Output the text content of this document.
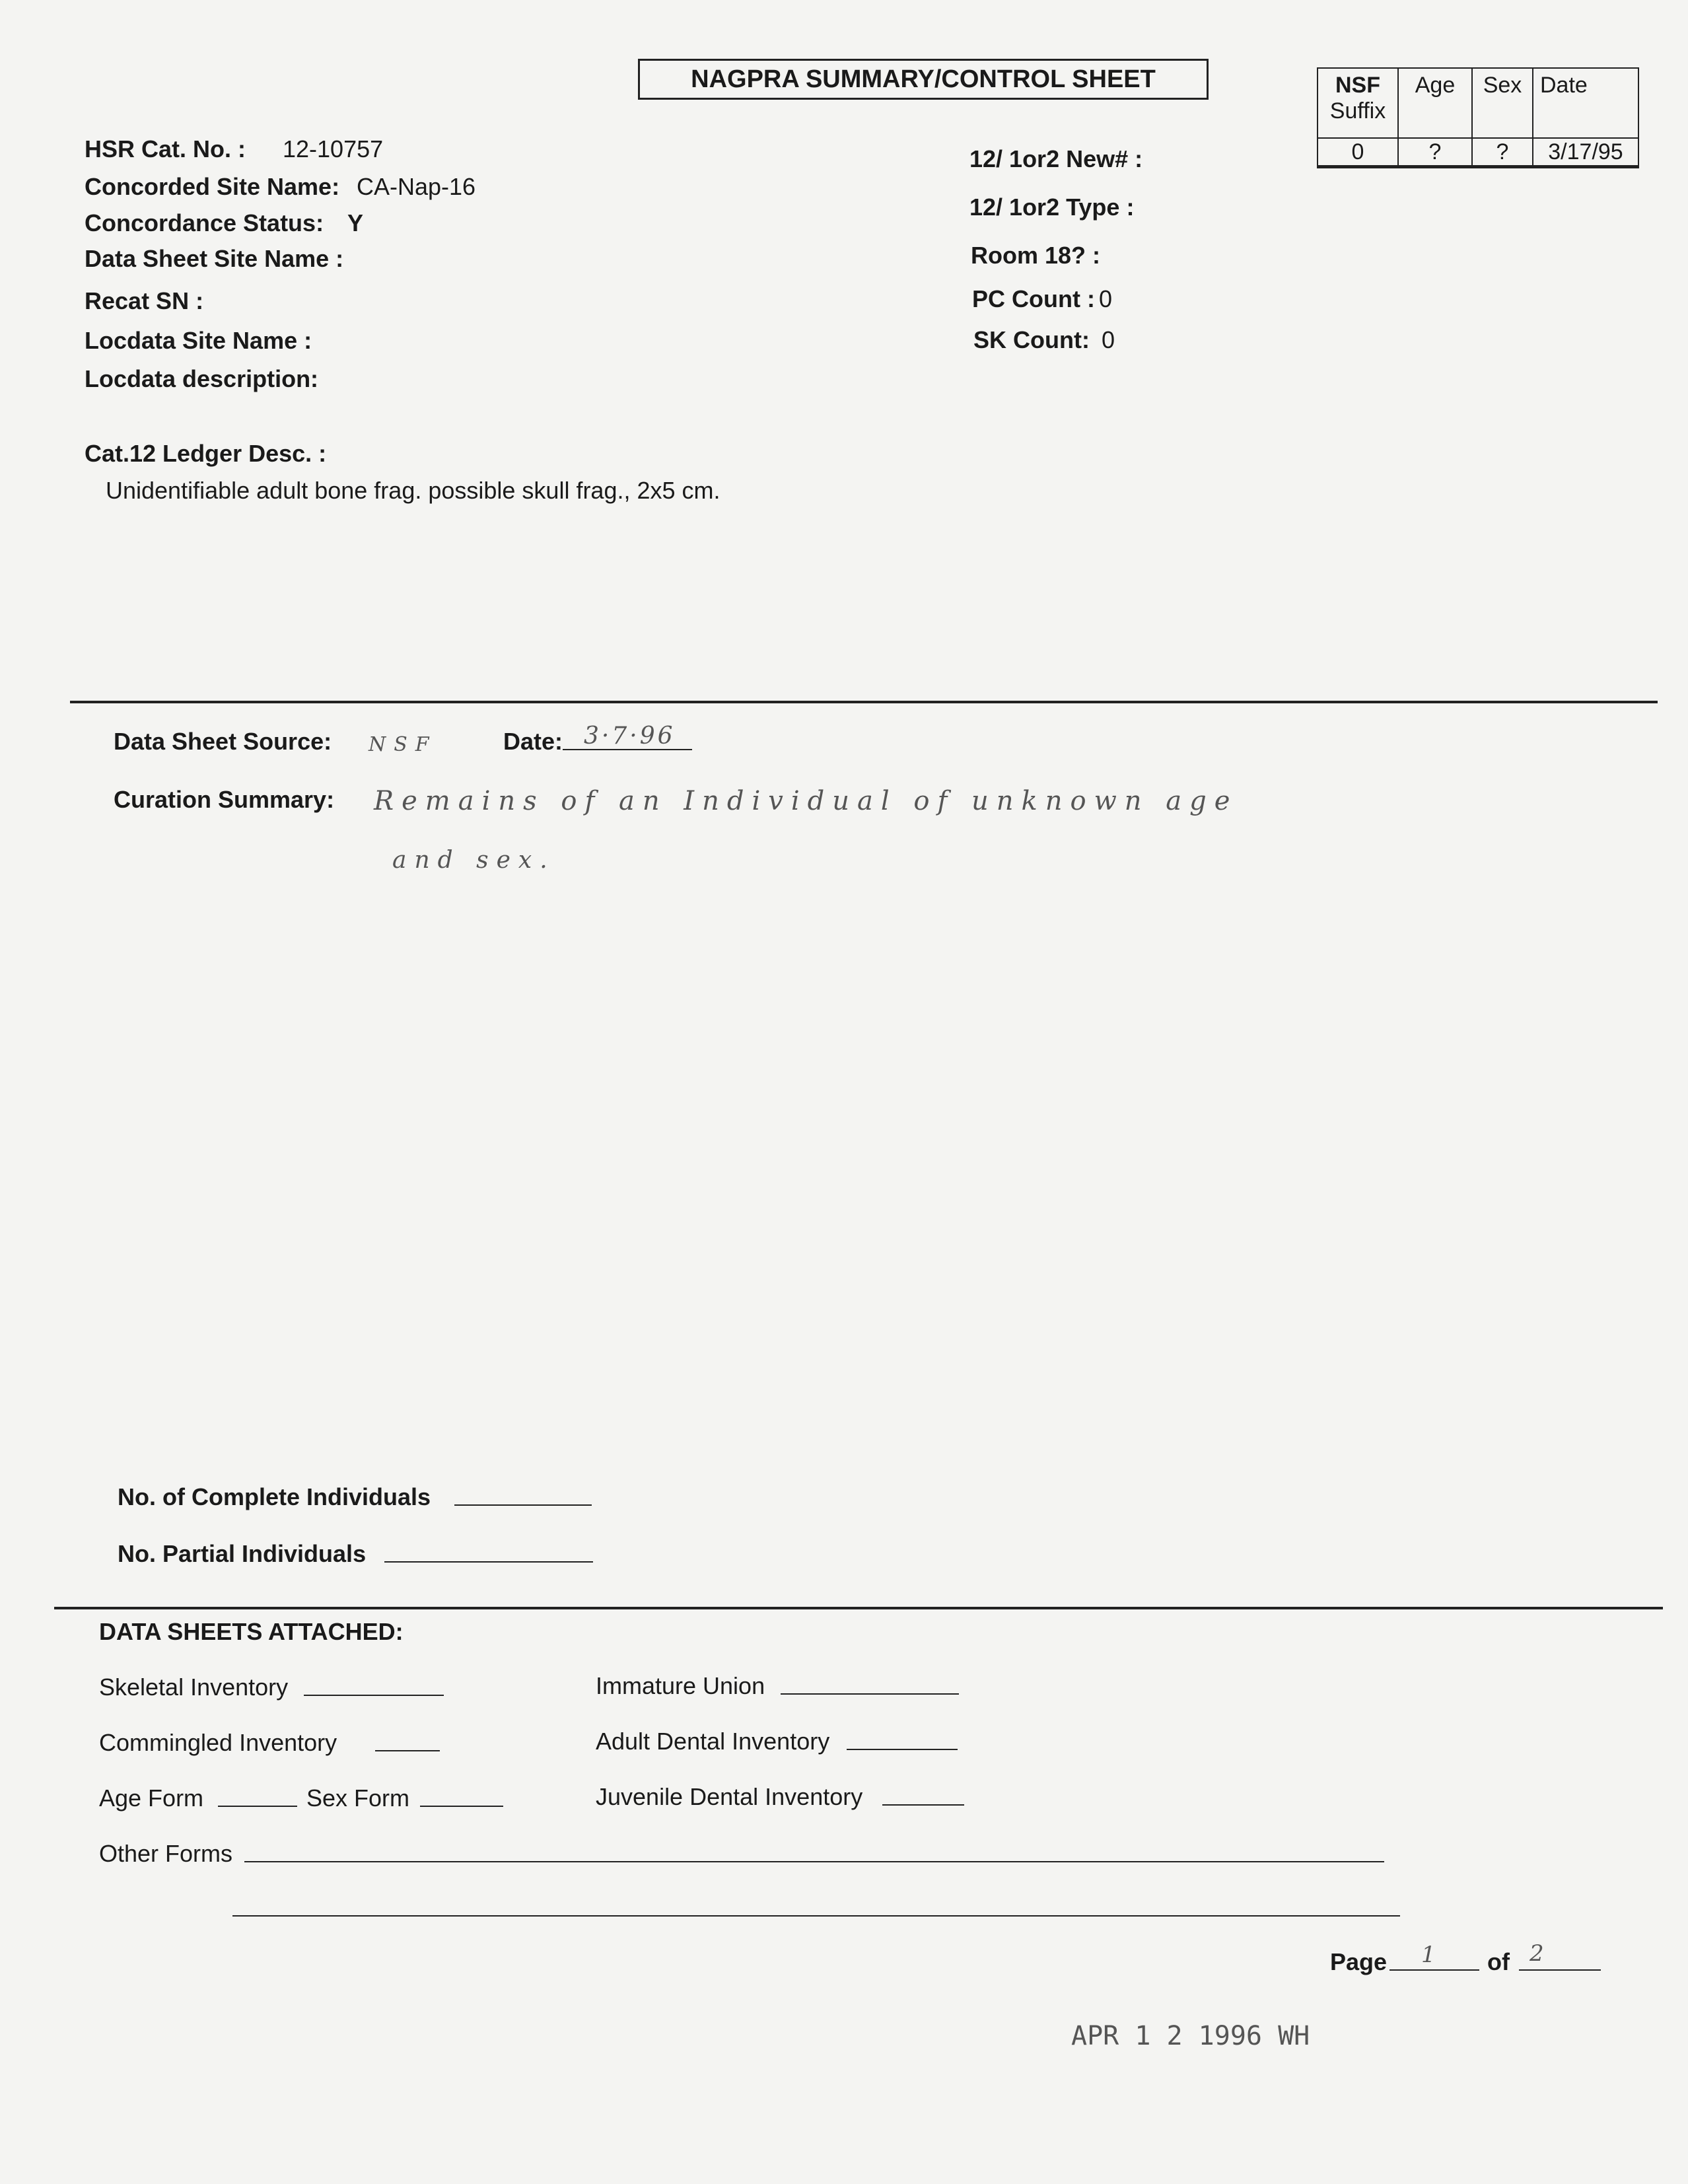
NAGPRA SUMMARY/CONTROL SHEET	NSF
Suffix	Age	Sex	Date
0	?	?	3/17/95
HSR Cat. No. : 12-10757
Concorded Site Name: CA-Nap-16
Concordance Status: Y
Data Sheet Site Name :
Recat SN :
Locdata Site Name :
Locdata description:
12/ 1or2 New# :
12/ 1or2 Type :
Room 18? :
PC Count : 0
SK Count: 0
Cat.12 Ledger Desc. :
Unidentifiable adult bone frag. possible skull frag., 2x5 cm.
Data Sheet Source: NSF	Date: 3·7·96
Curation Summary: Remains of an Individual of unknown age
and sex.
No. of Complete Individuals
No. Partial Individuals
DATA SHEETS ATTACHED:
Skeletal Inventory
Commingled Inventory
Age Form	Sex Form
Other Forms
Immature Union
Adult Dental Inventory
Juvenile Dental Inventory
Page 1 of 2
APR 1 2 1996 WH
